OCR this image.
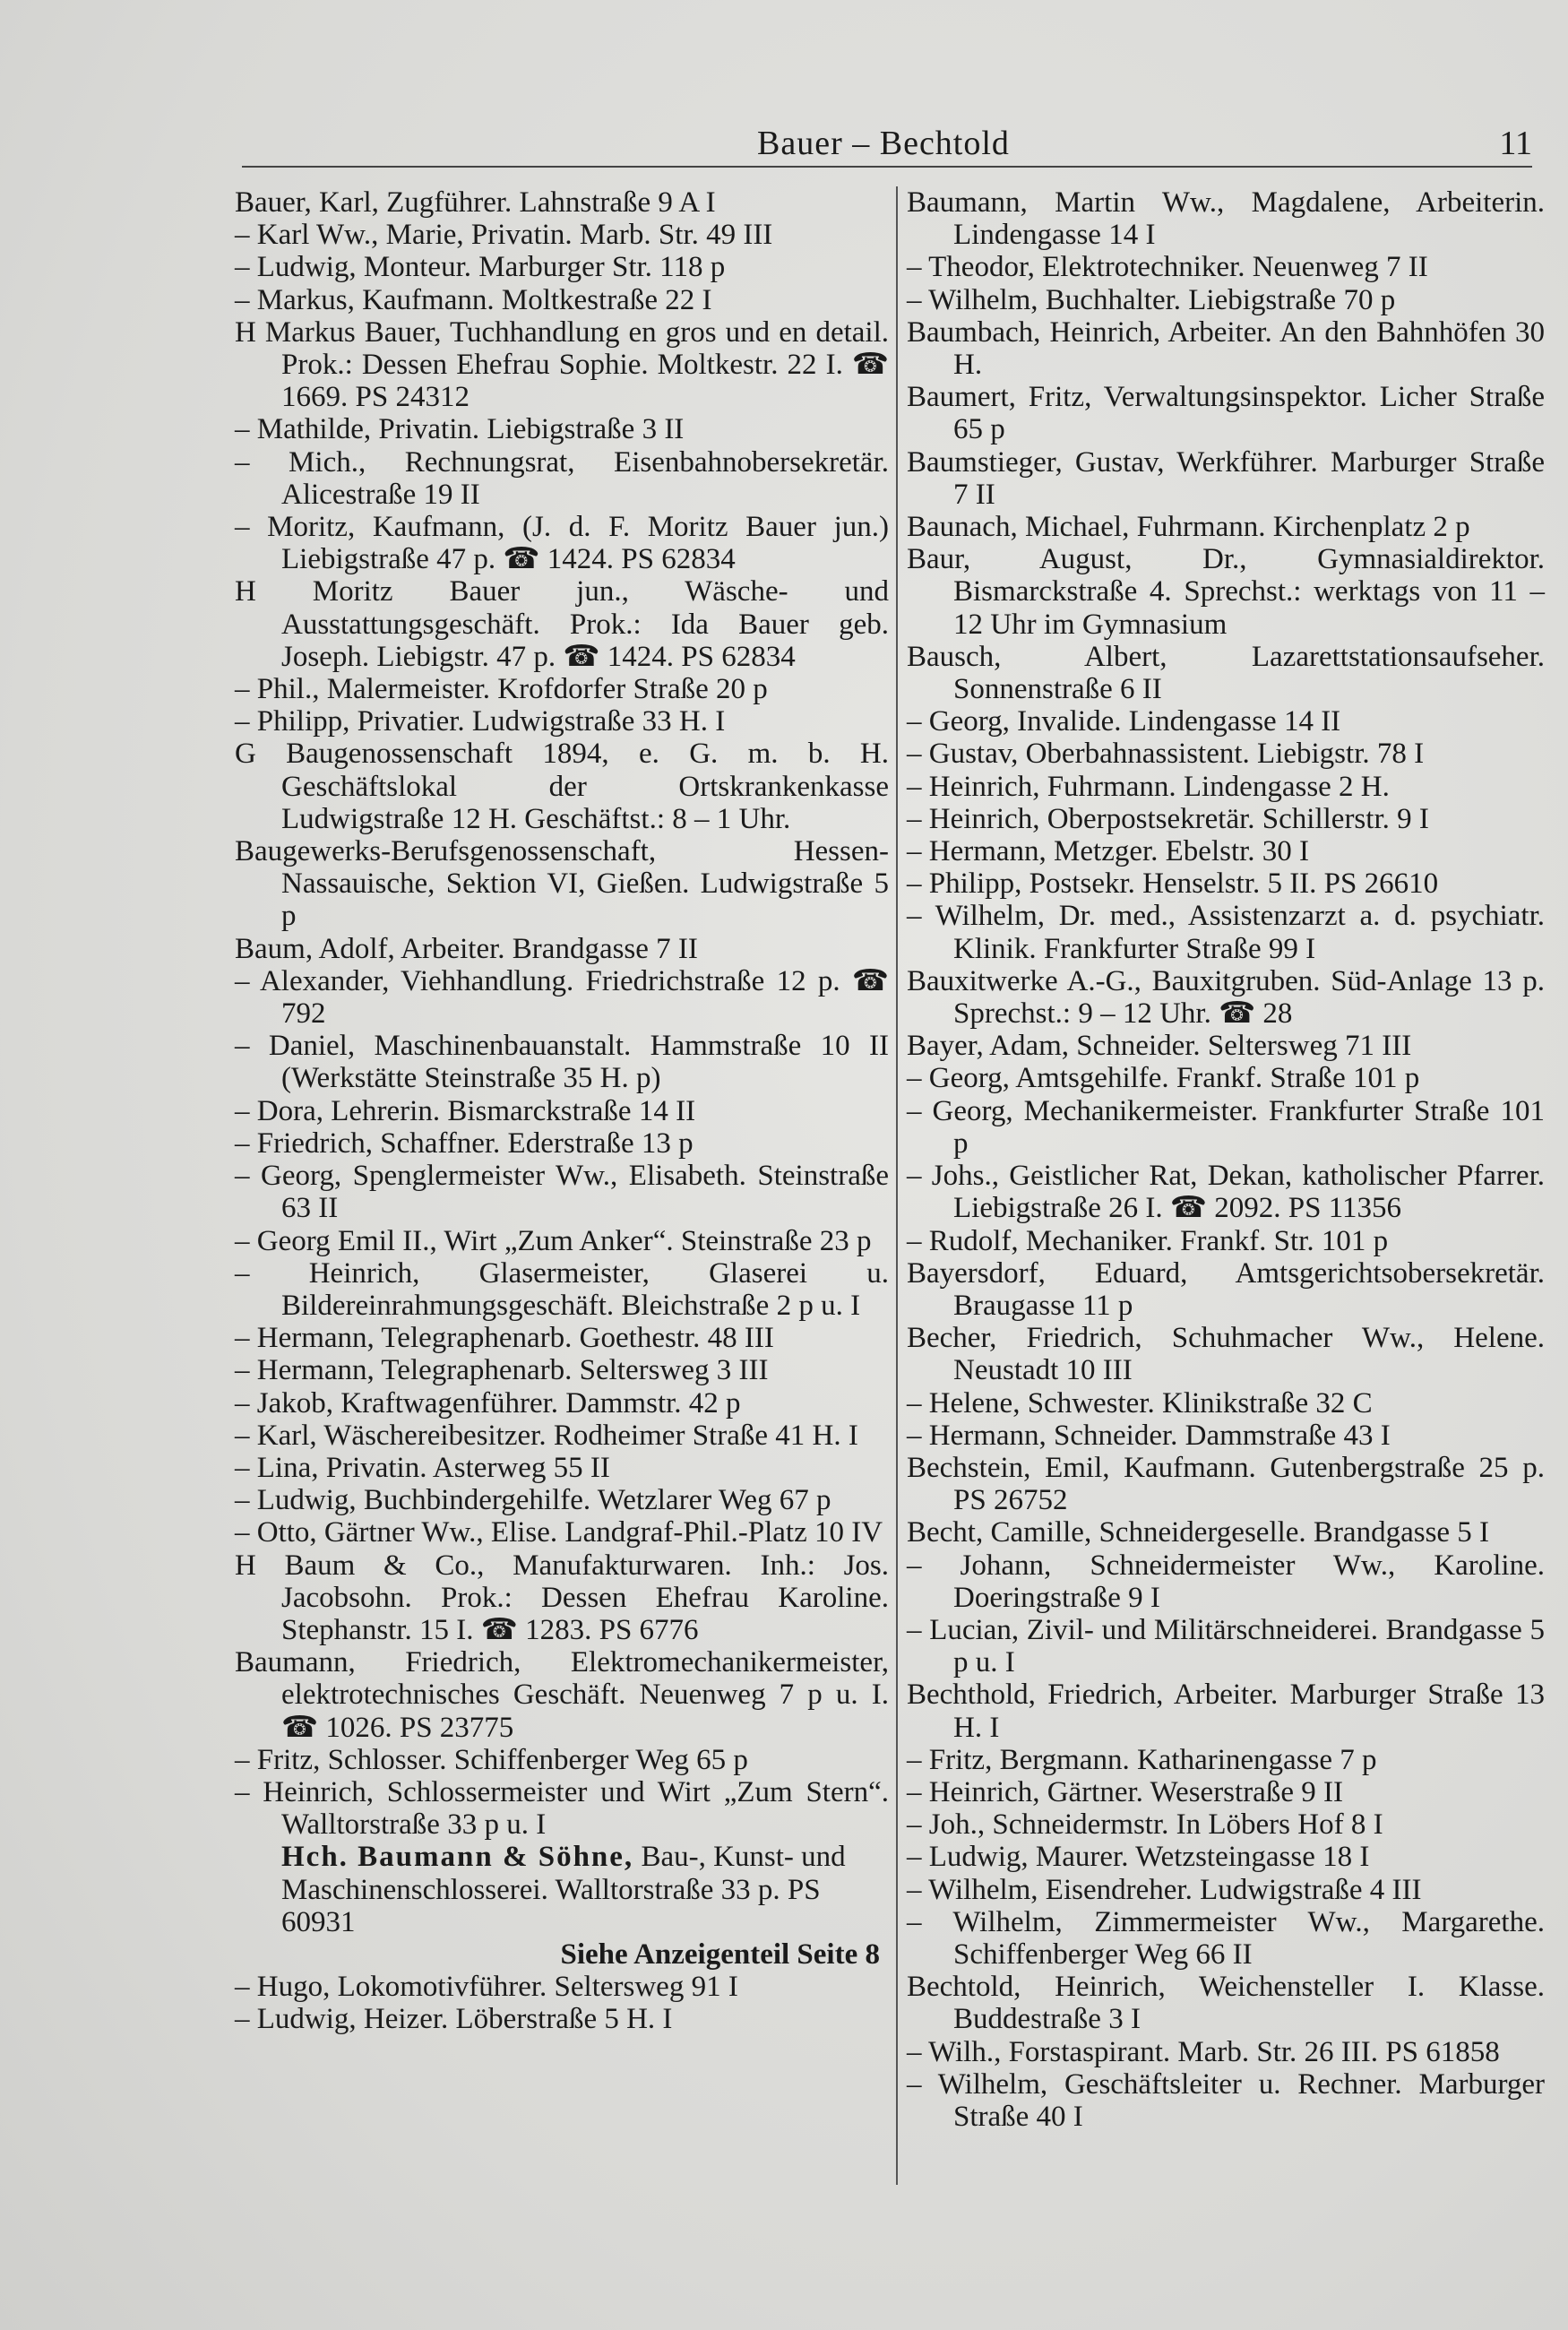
Bauer – Bechtold	11

Bauer, Karl, Zugführer. Lahnstraße 9 A I

– Karl Ww., Marie, Privatin. Marb. Str. 49 III

– Ludwig, Monteur. Marburger Str. 118 p

– Markus, Kaufmann. Moltkestraße 22 I

H Markus Bauer, Tuchhandlung en gros und en detail. Prok.: Dessen Ehefrau Sophie. Moltkestr. 22 I. ☎ 1669. PS 24312

– Mathilde, Privatin. Liebigstraße 3 II

– Mich., Rechnungsrat, Eisenbahnobersekretär. Alicestraße 19 II

– Moritz, Kaufmann, (J. d. F. Moritz Bauer jun.) Liebigstraße 47 p. ☎ 1424. PS 62834

H Moritz Bauer jun., Wäsche- und Ausstattungsgeschäft. Prok.: Ida Bauer geb. Joseph. Liebigstr. 47 p. ☎ 1424. PS 62834

– Phil., Malermeister. Krofdorfer Straße 20 p

– Philipp, Privatier. Ludwigstraße 33 H. I

G Baugenossenschaft 1894, e. G. m. b. H. Geschäftslokal der Ortskrankenkasse Ludwigstraße 12 H. Geschäftst.: 8 – 1 Uhr.

Baugewerks-Berufsgenossenschaft, Hessen-Nassauische, Sektion VI, Gießen. Ludwigstraße 5 p

Baum, Adolf, Arbeiter. Brandgasse 7 II

– Alexander, Viehhandlung. Friedrichstraße 12 p. ☎ 792

– Daniel, Maschinenbauanstalt. Hammstraße 10 II (Werkstätte Steinstraße 35 H. p)

– Dora, Lehrerin. Bismarckstraße 14 II

– Friedrich, Schaffner. Ederstraße 13 p

– Georg, Spenglermeister Ww., Elisabeth. Steinstraße 63 II

– Georg Emil II., Wirt „Zum Anker“. Steinstraße 23 p

– Heinrich, Glasermeister, Glaserei u. Bildereinrahmungsgeschäft. Bleichstraße 2 p u. I

– Hermann, Telegraphenarb. Goethestr. 48 III

– Hermann, Telegraphenarb. Seltersweg 3 III

– Jakob, Kraftwagenführer. Dammstr. 42 p

– Karl, Wäschereibesitzer. Rodheimer Straße 41 H. I

– Lina, Privatin. Asterweg 55 II

– Ludwig, Buchbindergehilfe. Wetzlarer Weg 67 p

– Otto, Gärtner Ww., Elise. Landgraf-Phil.-Platz 10 IV

H Baum & Co., Manufakturwaren. Inh.: Jos. Jacobsohn. Prok.: Dessen Ehefrau Karoline. Stephanstr. 15 I. ☎ 1283. PS 6776

Baumann, Friedrich, Elektromechanikermeister, elektrotechnisches Geschäft. Neuenweg 7 p u. I. ☎ 1026. PS 23775

– Fritz, Schlosser. Schiffenberger Weg 65 p

– Heinrich, Schlossermeister und Wirt „Zum Stern“. Walltorstraße 33 p u. I

Hch. Baumann & Söhne, Bau-, Kunst- und Maschinenschlosserei. Walltorstraße 33 p. PS 60931
Siehe Anzeigenteil Seite 8

– Hugo, Lokomotivführer. Seltersweg 91 I

– Ludwig, Heizer. Löberstraße 5 H. I

Baumann, Martin Ww., Magdalene, Arbeiterin. Lindengasse 14 I

– Theodor, Elektrotechniker. Neuenweg 7 II

– Wilhelm, Buchhalter. Liebigstraße 70 p

Baumbach, Heinrich, Arbeiter. An den Bahnhöfen 30 H.

Baumert, Fritz, Verwaltungsinspektor. Licher Straße 65 p

Baumstieger, Gustav, Werkführer. Marburger Straße 7 II

Baunach, Michael, Fuhrmann. Kirchenplatz 2 p

Baur, August, Dr., Gymnasialdirektor. Bismarckstraße 4. Sprechst.: werktags von 11 – 12 Uhr im Gymnasium

Bausch, Albert, Lazarettstationsaufseher. Sonnenstraße 6 II

– Georg, Invalide. Lindengasse 14 II

– Gustav, Oberbahnassistent. Liebigstr. 78 I

– Heinrich, Fuhrmann. Lindengasse 2 H.

– Heinrich, Oberpostsekretär. Schillerstr. 9 I

– Hermann, Metzger. Ebelstr. 30 I

– Philipp, Postsekr. Henselstr. 5 II. PS 26610

– Wilhelm, Dr. med., Assistenzarzt a. d. psychiatr. Klinik. Frankfurter Straße 99 I

Bauxitwerke A.-G., Bauxitgruben. Süd-Anlage 13 p. Sprechst.: 9 – 12 Uhr. ☎ 28

Bayer, Adam, Schneider. Seltersweg 71 III

– Georg, Amtsgehilfe. Frankf. Straße 101 p

– Georg, Mechanikermeister. Frankfurter Straße 101 p

– Johs., Geistlicher Rat, Dekan, katholischer Pfarrer. Liebigstraße 26 I. ☎ 2092. PS 11356

– Rudolf, Mechaniker. Frankf. Str. 101 p

Bayersdorf, Eduard, Amtsgerichtsobersekretär. Braugasse 11 p

Becher, Friedrich, Schuhmacher Ww., Helene. Neustadt 10 III

– Helene, Schwester. Klinikstraße 32 C

– Hermann, Schneider. Dammstraße 43 I

Bechstein, Emil, Kaufmann. Gutenbergstraße 25 p. PS 26752

Becht, Camille, Schneidergeselle. Brandgasse 5 I

– Johann, Schneidermeister Ww., Karoline. Doeringstraße 9 I

– Lucian, Zivil- und Militärschneiderei. Brandgasse 5 p u. I

Bechthold, Friedrich, Arbeiter. Marburger Straße 13 H. I

– Fritz, Bergmann. Katharinengasse 7 p

– Heinrich, Gärtner. Weserstraße 9 II

– Joh., Schneidermstr. In Löbers Hof 8 I

– Ludwig, Maurer. Wetzsteingasse 18 I

– Wilhelm, Eisendreher. Ludwigstraße 4 III

– Wilhelm, Zimmermeister Ww., Margarethe. Schiffenberger Weg 66 II

Bechtold, Heinrich, Weichensteller I. Klasse. Buddestraße 3 I

– Wilh., Forstaspirant. Marb. Str. 26 III. PS 61858

– Wilhelm, Geschäftsleiter u. Rechner. Marburger Straße 40 I
